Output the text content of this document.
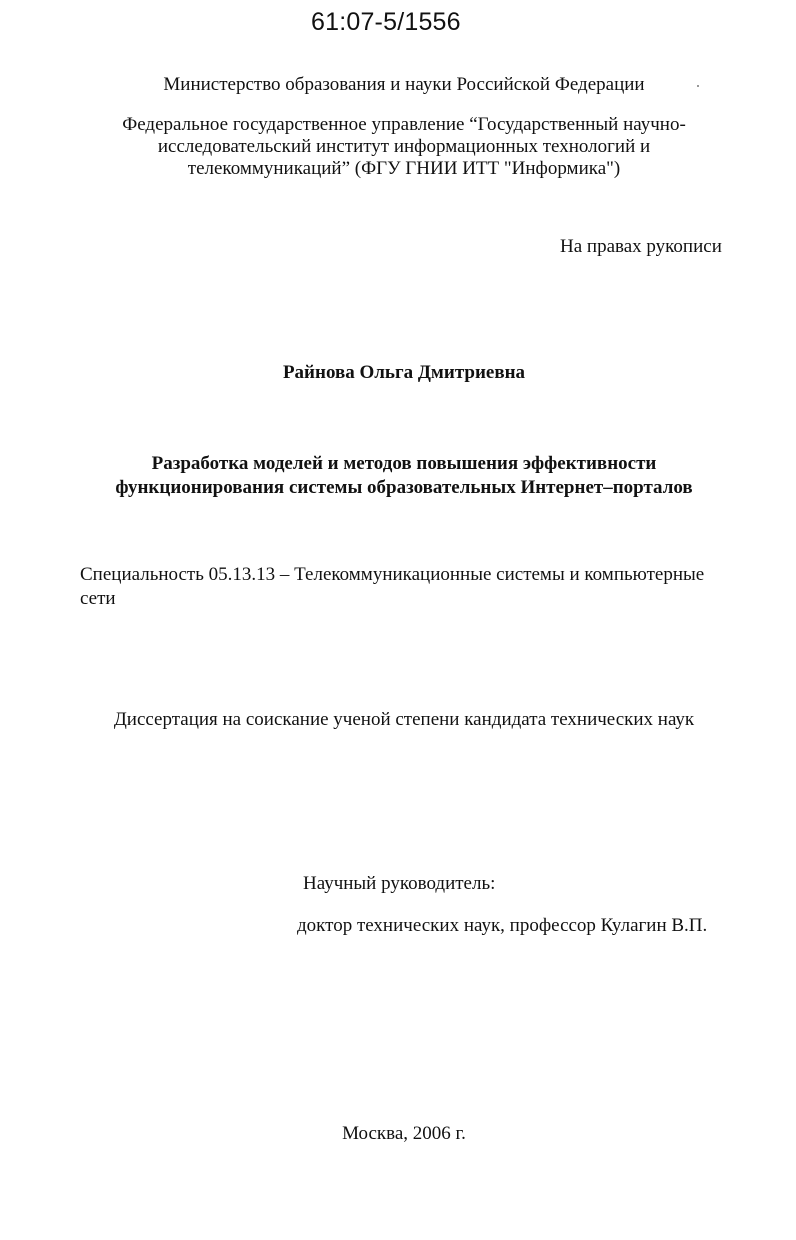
61:07-5/1556
Министерство образования и науки Российской Федерации
Федеральное государственное управление “Государственный научно-
исследовательский институт информационных технологий и
телекоммуникаций” (ФГУ ГНИИ ИТТ "Информика")
На правах рукописи
Райнова Ольга Дмитриевна
Разработка моделей и методов повышения эффективности
функционирования системы образовательных Интернет–порталов
Специальность 05.13.13 – Телекоммуникационные системы и компьютерные
сети
Диссертация на соискание ученой степени кандидата технических наук
Научный руководитель:
доктор технических наук, профессор Кулагин В.П.
Москва, 2006 г.
